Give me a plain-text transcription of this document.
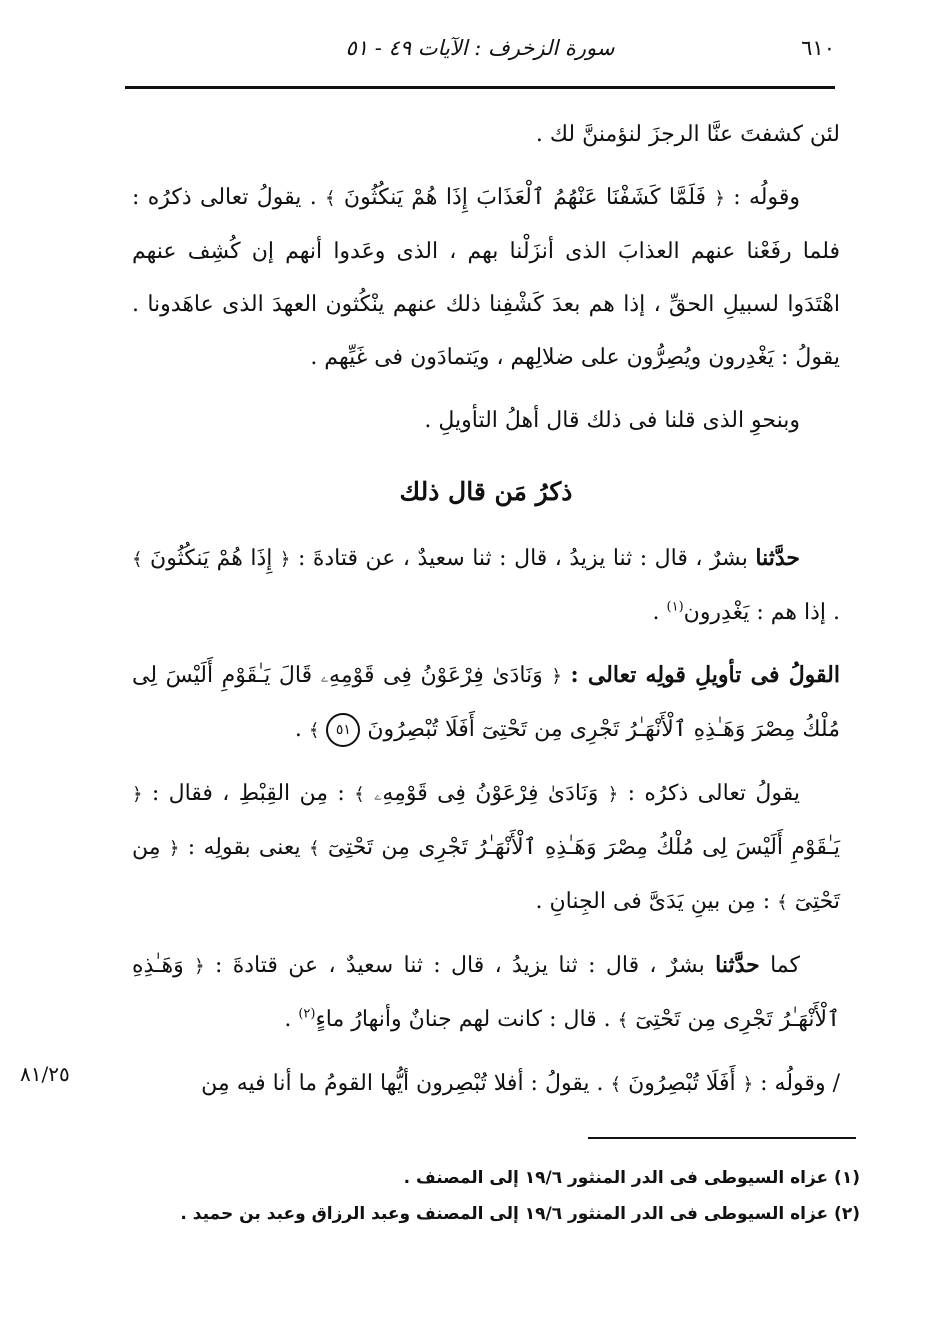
٦١٠
سورة الزخرف : الآيات ٤٩ - ٥١

لئن كشفتَ عنَّا الرجزَ لنؤمننَّ لك .

وقولُه : ﴿ فَلَمَّا كَشَفْنَا عَنْهُمُ ٱلْعَذَابَ إِذَا هُمْ يَنكُثُونَ ﴾ . يقولُ تعالى ذكرُه : فلما رفَعْنا عنهم العذابَ الذى أنزَلْنا بهم ، الذى وعَدوا أنهم إن كُشِف عنهم اهْتَدَوا لسبيلِ الحقِّ ، إذا هم بعدَ كَشْفِنا ذلك عنهم ينْكُثون العهدَ الذى عاهَدونا . يقولُ : يَغْدِرون ويُصِرُّون على ضلالِهم ، ويَتمادَون فى غَيِّهم .

وبنحوِ الذى قلنا فى ذلك قال أهلُ التأويلِ .

ذكرُ مَن قال ذلك

حدَّثنا بشرٌ ، قال : ثنا يزيدُ ، قال : ثنا سعيدٌ ، عن قتادةَ : ﴿ إِذَا هُمْ يَنكُثُونَ ﴾ . إذا هم : يَغْدِرون$^{(١)}$ .

القولُ فى تأويلِ قولِه تعالى : ﴿ وَنَادَىٰ فِرْعَوْنُ فِى قَوْمِهِۦ قَالَ يَـٰقَوْمِ أَلَيْسَ لِى مُلْكُ مِصْرَ وَهَـٰذِهِ ٱلْأَنْهَـٰرُ تَجْرِى مِن تَحْتِىٓ أَفَلَا تُبْصِرُونَ ٥١ ﴾ .

يقولُ تعالى ذكرُه : ﴿ وَنَادَىٰ فِرْعَوْنُ فِى قَوْمِهِۦ ﴾ : مِن القِبْطِ ، فقال : ﴿ يَـٰقَوْمِ أَلَيْسَ لِى مُلْكُ مِصْرَ وَهَـٰذِهِ ٱلْأَنْهَـٰرُ تَجْرِى مِن تَحْتِىٓ ﴾ يعنى بقولِه : ﴿ مِن تَحْتِىٓ ﴾ : مِن بينِ يَدَىَّ فى الجِنانِ .

كما حدَّثنا بشرٌ ، قال : ثنا يزيدُ ، قال : ثنا سعيدٌ ، عن قتادةَ : ﴿ وَهَـٰذِهِ ٱلْأَنْهَـٰرُ تَجْرِى مِن تَحْتِىٓ ﴾ . قال : كانت لهم جنانٌ وأنهارُ ماءٍ$^{(٢)}$ .

/ وقولُه : ﴿ أَفَلَا تُبْصِرُونَ ﴾ . يقولُ : أفلا تُبْصِرون أيُّها القومُ ما أنا فيه مِن

٨١/٢٥

(١) عزاه السيوطى فى الدر المنثور ١٩/٦ إلى المصنف .

(٢) عزاه السيوطى فى الدر المنثور ١٩/٦ إلى المصنف وعبد الرزاق وعبد بن حميد .
